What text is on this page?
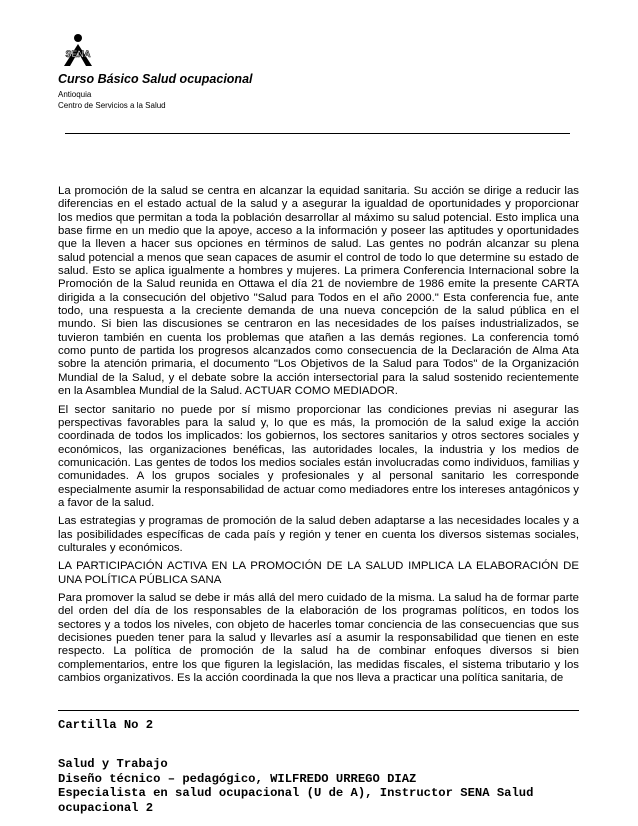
SENA
Curso Básico Salud ocupacional
Antioquia
Centro de Servicios a la Salud

La promoción de la salud se centra en alcanzar la equidad sanitaria. Su acción se dirige a reducir las diferencias en el estado actual de la salud y a asegurar la igualdad de oportunidades y proporcionar los medios que permitan a toda la población desarrollar al máximo su salud potencial. Esto implica una base firme en un medio que la apoye, acceso a la información y poseer las aptitudes y oportunidades que la lleven a hacer sus opciones en términos de salud. Las gentes no podrán alcanzar su plena salud potencial a menos que sean capaces de asumir el control de todo lo que determine su estado de salud. Esto se aplica igualmente a hombres y mujeres. La primera Conferencia Internacional sobre la Promoción de la Salud reunida en Ottawa el día 21 de noviembre de 1986 emite la presente CARTA dirigida a la consecución del objetivo "Salud para Todos en el año 2000." Esta conferencia fue, ante todo, una respuesta a la creciente demanda de una nueva concepción de la salud pública en el mundo. Si bien las discusiones se centraron en las necesidades de los países industrializados, se tuvieron también en cuenta los problemas que atañen a las demás regiones. La conferencia tomó como punto de partida los progresos alcanzados como consecuencia de la Declaración de Alma Ata sobre la atención primaria, el documento "Los Objetivos de la Salud para Todos" de la Organización Mundial de la Salud, y el debate sobre la acción intersectorial para la salud sostenido recientemente en la Asamblea Mundial de la Salud. ACTUAR COMO MEDIADOR.

El sector sanitario no puede por sí mismo proporcionar las condiciones previas ni asegurar las perspectivas favorables para la salud y, lo que es más, la promoción de la salud exige la acción coordinada de todos los implicados: los gobiernos, los sectores sanitarios y otros sectores sociales y económicos, las organizaciones benéficas, las autoridades locales, la industria y los medios de comunicación. Las gentes de todos los medios sociales están involucradas como individuos, familias y comunidades. A los grupos sociales y profesionales y al personal sanitario les corresponde especialmente asumir la responsabilidad de actuar como mediadores entre los intereses antagónicos y a favor de la salud.

Las estrategias y programas de promoción de la salud deben adaptarse a las necesidades locales y a las posibilidades específicas de cada país y región y tener en cuenta los diversos sistemas sociales, culturales y económicos.

LA PARTICIPACIÓN ACTIVA EN LA PROMOCIÓN DE LA SALUD IMPLICA LA ELABORACIÓN DE UNA POLÍTICA PÚBLICA SANA

Para promover la salud se debe ir más allá del mero cuidado de la misma. La salud ha de formar parte del orden del día de los responsables de la elaboración de los programas políticos, en todos los sectores y a todos los niveles, con objeto de hacerles tomar conciencia de las consecuencias que sus decisiones pueden tener para la salud y llevarles así a asumir la responsabilidad que tienen en este respecto. La política de promoción de la salud ha de combinar enfoques diversos si bien complementarios, entre los que figuren la legislación, las medidas fiscales, el sistema tributario y los cambios organizativos. Es la acción coordinada la que nos lleva a practicar una política sanitaria, de

Cartilla No 2
Salud y Trabajo
Diseño técnico – pedagógico, WILFREDO URREGO DIAZ
Especialista en salud ocupacional (U de A), Instructor SENA Salud
ocupacional 2
